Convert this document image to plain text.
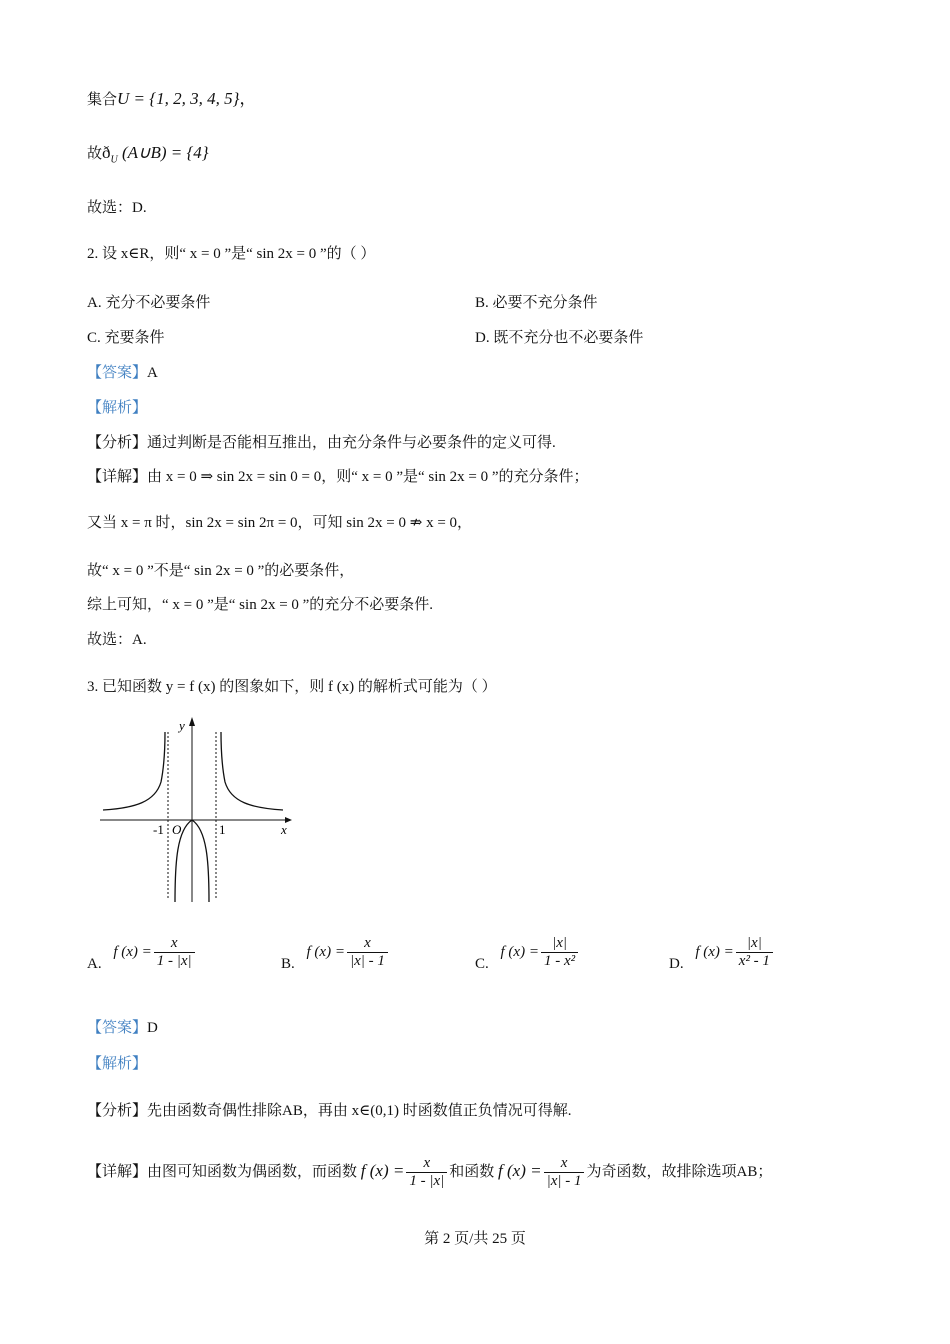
集合U = {1, 2, 3, 4, 5}，
故$ð_U$ (A∪B) = {4}
故选：D.
2. 设 x∈R，则“ x = 0 ”是“ sin 2x = 0 ”的（ ）
A. 充分不必要条件	B. 必要不充分条件
C. 充要条件	D. 既不充分也不必要条件
【答案】A
【解析】
【分析】通过判断是否能相互推出，由充分条件与必要条件的定义可得.
【详解】由 x = 0 ⇒ sin 2x = sin 0 = 0，则“ x = 0 ”是“ sin 2x = 0 ”的充分条件；
又当 x = π 时，sin 2x = sin 2π = 0，可知 sin 2x = 0 ⇏ x = 0，
故“ x = 0 ”不是“ sin 2x = 0 ”的必要条件，
综上可知，“ x = 0 ”是“ sin 2x = 0 ”的充分不必要条件.
故选：A.
3. 已知函数 y = f (x) 的图象如下，则 f (x) 的解析式可能为（ ）
y
x
O
-1	1
A. f $(x) = \frac{x}{1 - |x|}$	B. f $(x) = \frac{x}{|x| - 1}$	C. f $(x) = \frac{|x|}{\text{1 - x²}}$	D. f $(x) = \frac{|x|}{\text{x² - 1}}$
【答案】D
【解析】
【分析】先由函数奇偶性排除AB，再由 x∈(0,1) 时函数值正负情况可得解.
【详解】由图可知函数为偶函数，而函数 f $(x) = \frac{x}{1 - |x|}$ 和函数 f $(x) = \frac{x}{|x| - 1}$ 为奇函数，故排除选项AB；
第 2 页/共 25 页
